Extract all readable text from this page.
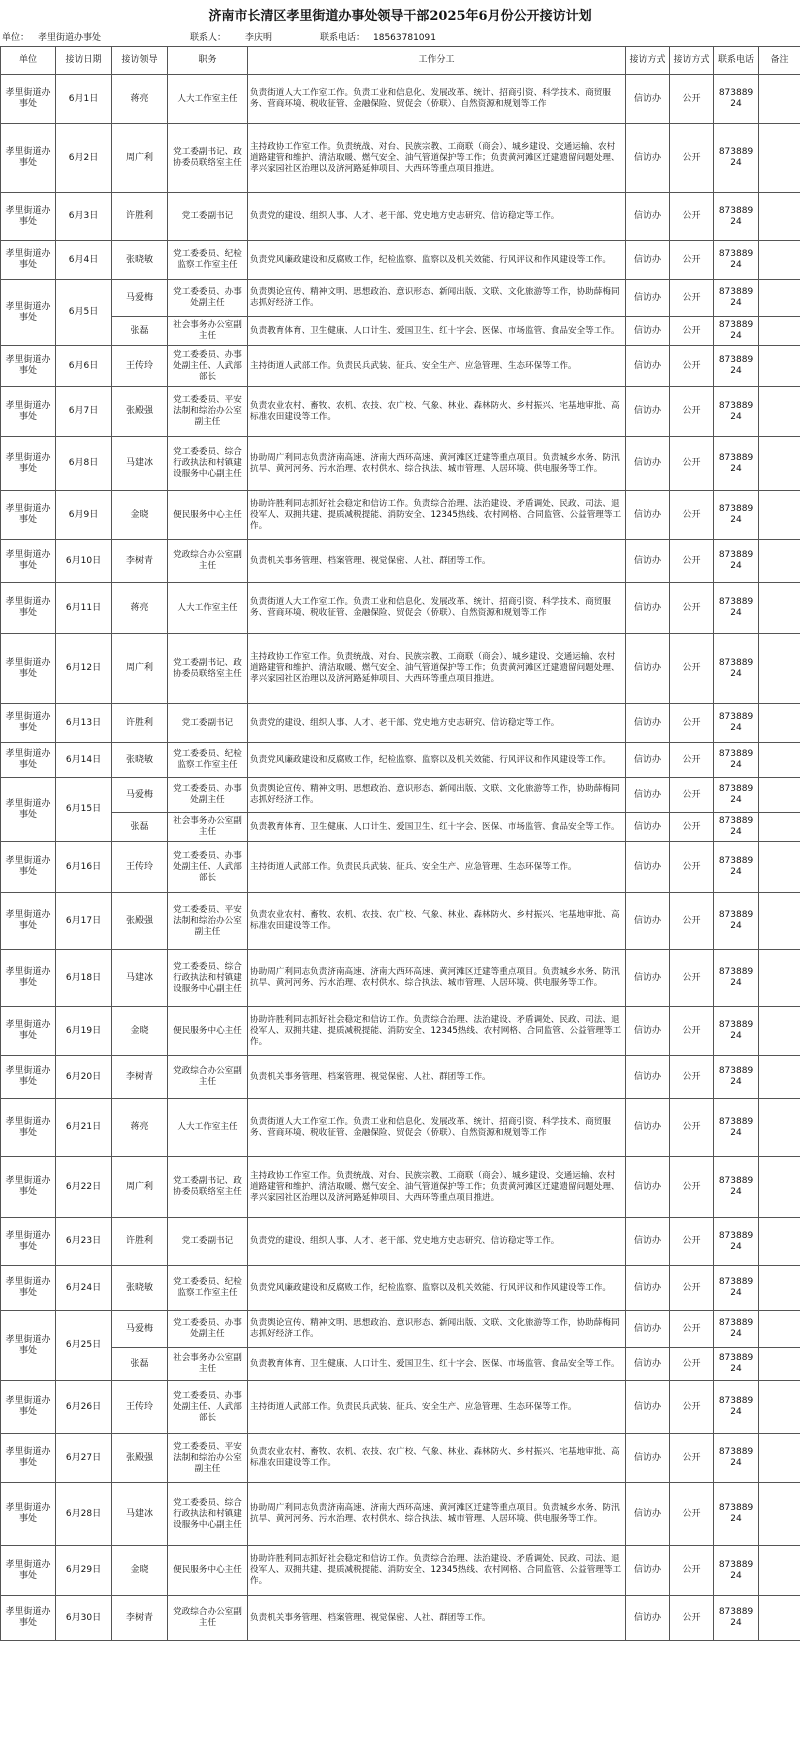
济南市长清区孝里街道办事处领导干部2025年6月份公开接访计划
单位： 孝里街道办事处	联系人： 李庆明	联系电话： 18563781091
单位	接访日期	接访领导	职务	工作分工	接访方式	接访方式	联系电话	备注
孝里街道办事处	6月1日	蒋亮	人大工作室主任	负责街道人大工作室工作。负责工业和信息化、发展改革、统计、招商引资、科学技术、商贸服务、营商环境、税收征管、金融保险、贸促会（侨联）、自然资源和规划等工作	信访办	公开	87388924	
孝里街道办事处	6月2日	周广利	党工委副书记、政协委员联络室主任	主持政协工作室工作。负责统战、对台、民族宗教、工商联（商会）、城乡建设、交通运输、农村道路建管和维护、清洁取暖、燃气安全、油气管道保护等工作；负责黄河滩区迁建遗留问题处理、孝兴家园社区治理以及济河路延伸项目、大西环等重点项目推进。	信访办	公开	87388924	
孝里街道办事处	6月3日	许胜利	党工委副书记	负责党的建设、组织人事、人才、老干部、党史地方史志研究、信访稳定等工作。	信访办	公开	87388924	
孝里街道办事处	6月4日	张晓敏	党工委委员、纪检监察工作室主任	负责党风廉政建设和反腐败工作，纪检监察、监察以及机关效能、行风评议和作风建设等工作。	信访办	公开	87388924	
孝里街道办事处	6月5日	马爱梅	党工委委员、办事处副主任	负责舆论宣传、精神文明、思想政治、意识形态、新闻出版、文联、文化旅游等工作，协助薛梅同志抓好经济工作。	信访办	公开	87388924	
		张磊	社会事务办公室副主任	负责教育体育、卫生健康、人口计生、爱国卫生、红十字会、医保、市场监管、食品安全等工作。	信访办	公开	87388924	
孝里街道办事处	6月6日	王传玲	党工委委员、办事处副主任、人武部部长	主持街道人武部工作。负责民兵武装、征兵、安全生产、应急管理、生态环保等工作。	信访办	公开	87388924	
孝里街道办事处	6月7日	张殿强	党工委委员、平安法制和综治办公室副主任	负责农业农村、畜牧、农机、农技、农广校、气象、林业、森林防火、乡村振兴、宅基地审批、高标准农田建设等工作。	信访办	公开	87388924	
孝里街道办事处	6月8日	马建冰	党工委委员、综合行政执法和村镇建设服务中心副主任	协助周广利同志负责济南高速、济南大西环高速、黄河滩区迁建等重点项目。负责城乡水务、防汛抗旱、黄河河务、污水治理、农村供水、综合执法、城市管理、人居环境、供电服务等工作。	信访办	公开	87388924	
孝里街道办事处	6月9日	金晓	便民服务中心主任	协助许胜利同志抓好社会稳定和信访工作。负责综合治理、法治建设、矛盾调处、民政、司法、退役军人、双拥共建、提质减税提能、消防安全、12345热线、农村网格、合同监管、公益管理等工作。	信访办	公开	87388924	
孝里街道办事处	6月10日	李树青	党政综合办公室副主任	负责机关事务管理、档案管理、视觉保密、人社、群团等工作。	信访办	公开	87388924	
孝里街道办事处	6月11日	蒋亮	人大工作室主任	负责街道人大工作室工作。负责工业和信息化、发展改革、统计、招商引资、科学技术、商贸服务、营商环境、税收征管、金融保险、贸促会（侨联）、自然资源和规划等工作	信访办	公开	87388924	
孝里街道办事处	6月12日	周广利	党工委副书记、政协委员联络室主任	主持政协工作室工作。负责统战、对台、民族宗教、工商联（商会）、城乡建设、交通运输、农村道路建管和维护、清洁取暖、燃气安全、油气管道保护等工作；负责黄河滩区迁建遗留问题处理、孝兴家园社区治理以及济河路延伸项目、大西环等重点项目推进。	信访办	公开	87388924	
孝里街道办事处	6月13日	许胜利	党工委副书记	负责党的建设、组织人事、人才、老干部、党史地方史志研究、信访稳定等工作。	信访办	公开	87388924	
孝里街道办事处	6月14日	张晓敏	党工委委员、纪检监察工作室主任	负责党风廉政建设和反腐败工作，纪检监察、监察以及机关效能、行风评议和作风建设等工作。	信访办	公开	87388924	
孝里街道办事处	6月15日	马爱梅	党工委委员、办事处副主任	负责舆论宣传、精神文明、思想政治、意识形态、新闻出版、文联、文化旅游等工作，协助薛梅同志抓好经济工作。	信访办	公开	87388924	
		张磊	社会事务办公室副主任	负责教育体育、卫生健康、人口计生、爱国卫生、红十字会、医保、市场监管、食品安全等工作。	信访办	公开	87388924	
孝里街道办事处	6月16日	王传玲	党工委委员、办事处副主任、人武部部长	主持街道人武部工作。负责民兵武装、征兵、安全生产、应急管理、生态环保等工作。	信访办	公开	87388924	
孝里街道办事处	6月17日	张殿强	党工委委员、平安法制和综治办公室副主任	负责农业农村、畜牧、农机、农技、农广校、气象、林业、森林防火、乡村振兴、宅基地审批、高标准农田建设等工作。	信访办	公开	87388924	
孝里街道办事处	6月18日	马建冰	党工委委员、综合行政执法和村镇建设服务中心副主任	协助周广利同志负责济南高速、济南大西环高速、黄河滩区迁建等重点项目。负责城乡水务、防汛抗旱、黄河河务、污水治理、农村供水、综合执法、城市管理、人居环境、供电服务等工作。	信访办	公开	87388924	
孝里街道办事处	6月19日	金晓	便民服务中心主任	协助许胜利同志抓好社会稳定和信访工作。负责综合治理、法治建设、矛盾调处、民政、司法、退役军人、双拥共建、提质减税提能、消防安全、12345热线、农村网格、合同监管、公益管理等工作。	信访办	公开	87388924	
孝里街道办事处	6月20日	李树青	党政综合办公室副主任	负责机关事务管理、档案管理、视觉保密、人社、群团等工作。	信访办	公开	87388924	
孝里街道办事处	6月21日	蒋亮	人大工作室主任	负责街道人大工作室工作。负责工业和信息化、发展改革、统计、招商引资、科学技术、商贸服务、营商环境、税收征管、金融保险、贸促会（侨联）、自然资源和规划等工作	信访办	公开	87388924	
孝里街道办事处	6月22日	周广利	党工委副书记、政协委员联络室主任	主持政协工作室工作。负责统战、对台、民族宗教、工商联（商会）、城乡建设、交通运输、农村道路建管和维护、清洁取暖、燃气安全、油气管道保护等工作；负责黄河滩区迁建遗留问题处理、孝兴家园社区治理以及济河路延伸项目、大西环等重点项目推进。	信访办	公开	87388924	
孝里街道办事处	6月23日	许胜利	党工委副书记	负责党的建设、组织人事、人才、老干部、党史地方史志研究、信访稳定等工作。	信访办	公开	87388924	
孝里街道办事处	6月24日	张晓敏	党工委委员、纪检监察工作室主任	负责党风廉政建设和反腐败工作，纪检监察、监察以及机关效能、行风评议和作风建设等工作。	信访办	公开	87388924	
孝里街道办事处	6月25日	马爱梅	党工委委员、办事处副主任	负责舆论宣传、精神文明、思想政治、意识形态、新闻出版、文联、文化旅游等工作，协助薛梅同志抓好经济工作。	信访办	公开	87388924	
		张磊	社会事务办公室副主任	负责教育体育、卫生健康、人口计生、爱国卫生、红十字会、医保、市场监管、食品安全等工作。	信访办	公开	87388924	
孝里街道办事处	6月26日	王传玲	党工委委员、办事处副主任、人武部部长	主持街道人武部工作。负责民兵武装、征兵、安全生产、应急管理、生态环保等工作。	信访办	公开	87388924	
孝里街道办事处	6月27日	张殿强	党工委委员、平安法制和综治办公室副主任	负责农业农村、畜牧、农机、农技、农广校、气象、林业、森林防火、乡村振兴、宅基地审批、高标准农田建设等工作。	信访办	公开	87388924	
孝里街道办事处	6月28日	马建冰	党工委委员、综合行政执法和村镇建设服务中心副主任	协助周广利同志负责济南高速、济南大西环高速、黄河滩区迁建等重点项目。负责城乡水务、防汛抗旱、黄河河务、污水治理、农村供水、综合执法、城市管理、人居环境、供电服务等工作。	信访办	公开	87388924	
孝里街道办事处	6月29日	金晓	便民服务中心主任	协助许胜利同志抓好社会稳定和信访工作。负责综合治理、法治建设、矛盾调处、民政、司法、退役军人、双拥共建、提质减税提能、消防安全、12345热线、农村网格、合同监管、公益管理等工作。	信访办	公开	87388924	
孝里街道办事处	6月30日	李树青	党政综合办公室副主任	负责机关事务管理、档案管理、视觉保密、人社、群团等工作。	信访办	公开	87388924	
